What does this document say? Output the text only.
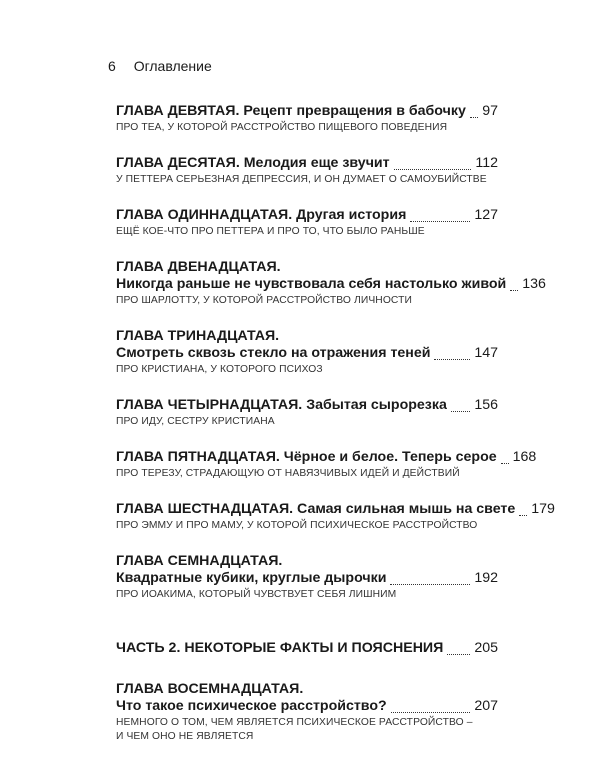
6 Оглавление
ГЛАВА ДЕВЯТАЯ. Рецепт превращения в бабочку 97
ПРО ТЕА, У КОТОРОЙ РАССТРОЙСТВО ПИЩЕВОГО ПОВЕДЕНИЯ
ГЛАВА ДЕСЯТАЯ. Мелодия еще звучит	112
У ПЕТТЕРА СЕРЬЕЗНАЯ ДЕПРЕССИЯ, И ОН ДУМАЕТ О САМОУБИЙСТВЕ
ГЛАВА ОДИННАДЦАТАЯ. Другая история	127
ЕЩЁ КОЕ-ЧТО ПРО ПЕТТЕРА И ПРО ТО, ЧТО БЫЛО РАНЬШЕ
ГЛАВА ДВЕНАДЦАТАЯ.
Никогда раньше не чувствовала себя настолько живой 136
ПРО ШАРЛОТТУ, У КОТОРОЙ РАССТРОЙСТВО ЛИЧНОСТИ
ГЛАВА ТРИНАДЦАТАЯ.
Смотреть сквозь стекло на отражения теней	147
ПРО КРИСТИАНА, У КОТОРОГО ПСИХОЗ
ГЛАВА ЧЕТЫРНАДЦАТАЯ. Забытая сырорезка 156
ПРО ИДУ, СЕСТРУ КРИСТИАНА
ГЛАВА ПЯТНАДЦАТАЯ. Чёрное и белое. Теперь серое 168
ПРО ТЕРЕЗУ, СТРАДАЮЩУЮ ОТ НАВЯЗЧИВЫХ ИДЕЙ И ДЕЙСТВИЙ
ГЛАВА ШЕСТНАДЦАТАЯ. Самая сильная мышь на свете 179
ПРО ЭММУ И ПРО МАМУ, У КОТОРОЙ ПСИХИЧЕСКОЕ РАССТРОЙСТВО
ГЛАВА СЕМНАДЦАТАЯ.
Квадратные кубики, круглые дырочки	192
ПРО ИОАКИМА, КОТОРЫЙ ЧУВСТВУЕТ СЕБЯ ЛИШНИМ
ЧАСТЬ 2. НЕКОТОРЫЕ ФАКТЫ И ПОЯСНЕНИЯ 205
ГЛАВА ВОСЕМНАДЦАТАЯ.
Что такое психическое расстройство?	207
НЕМНОГО О ТОМ, ЧЕМ ЯВЛЯЕТСЯ ПСИХИЧЕСКОЕ РАССТРОЙСТВО –
И ЧЕМ ОНО НЕ ЯВЛЯЕТСЯ
